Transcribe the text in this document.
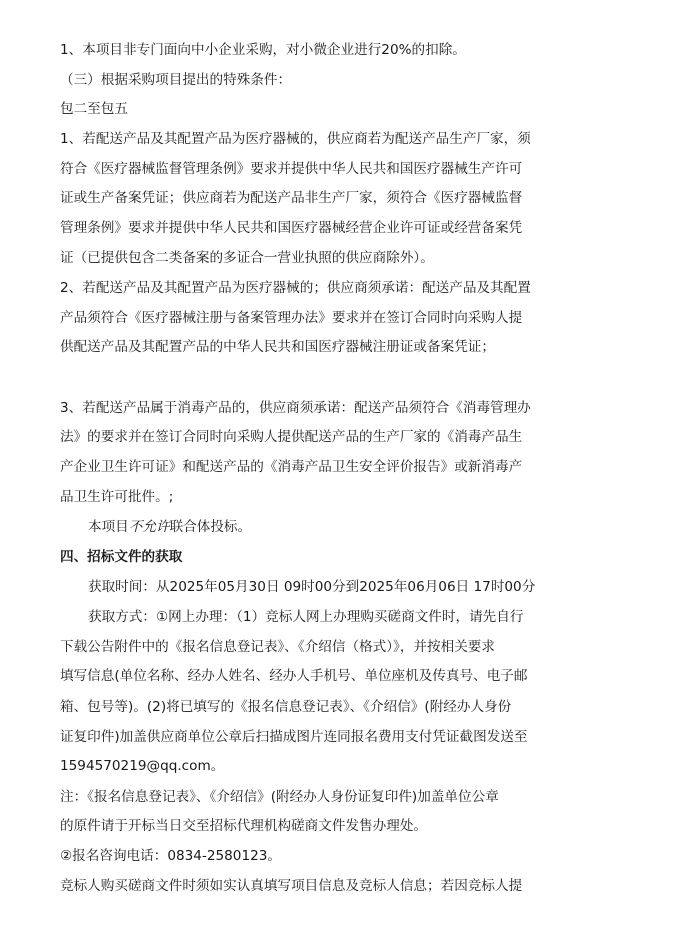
1、本项目非专门面向中小企业采购，对小微企业进行20%的扣除。
（三）根据采购项目提出的特殊条件：
包二至包五
1、若配送产品及其配置产品为医疗器械的，供应商若为配送产品生产厂家，须
符合《医疗器械监督管理条例》要求并提供中华人民共和国医疗器械生产许可
证或生产备案凭证；供应商若为配送产品非生产厂家，须符合《医疗器械监督
管理条例》要求并提供中华人民共和国医疗器械经营企业许可证或经营备案凭
证（已提供包含二类备案的多证合一营业执照的供应商除外）。
2、若配送产品及其配置产品为医疗器械的；供应商须承诺：配送产品及其配置
产品须符合《医疗器械注册与备案管理办法》要求并在签订合同时向采购人提
供配送产品及其配置产品的中华人民共和国医疗器械注册证或备案凭证；
3、若配送产品属于消毒产品的，供应商须承诺：配送产品须符合《消毒管理办
法》的要求并在签订合同时向采购人提供配送产品的生产厂家的《消毒产品生
产企业卫生许可证》和配送产品的《消毒产品卫生安全评价报告》或新消毒产
品卫生许可批件。;
本项目不允许联合体投标。
四、招标文件的获取
获取时间：从2025年05月30日 09时00分到2025年06月06日 17时00分
获取方式：①网上办理：（1）竞标人网上办理购买磋商文件时，请先自行
下载公告附件中的《报名信息登记表》、《介绍信（格式）》，并按相关要求
填写信息(单位名称、经办人姓名、经办人手机号、单位座机及传真号、电子邮
箱、包号等)。(2)将已填写的《报名信息登记表》、《介绍信》(附经办人身份
证复印件)加盖供应商单位公章后扫描成图片连同报名费用支付凭证截图发送至
1594570219@qq.com。
注：《报名信息登记表》、《介绍信》(附经办人身份证复印件)加盖单位公章
的原件请于开标当日交至招标代理机构磋商文件发售办理处。
②报名咨询电话：0834-2580123。
竞标人购买磋商文件时须如实认真填写项目信息及竞标人信息；若因竞标人提
